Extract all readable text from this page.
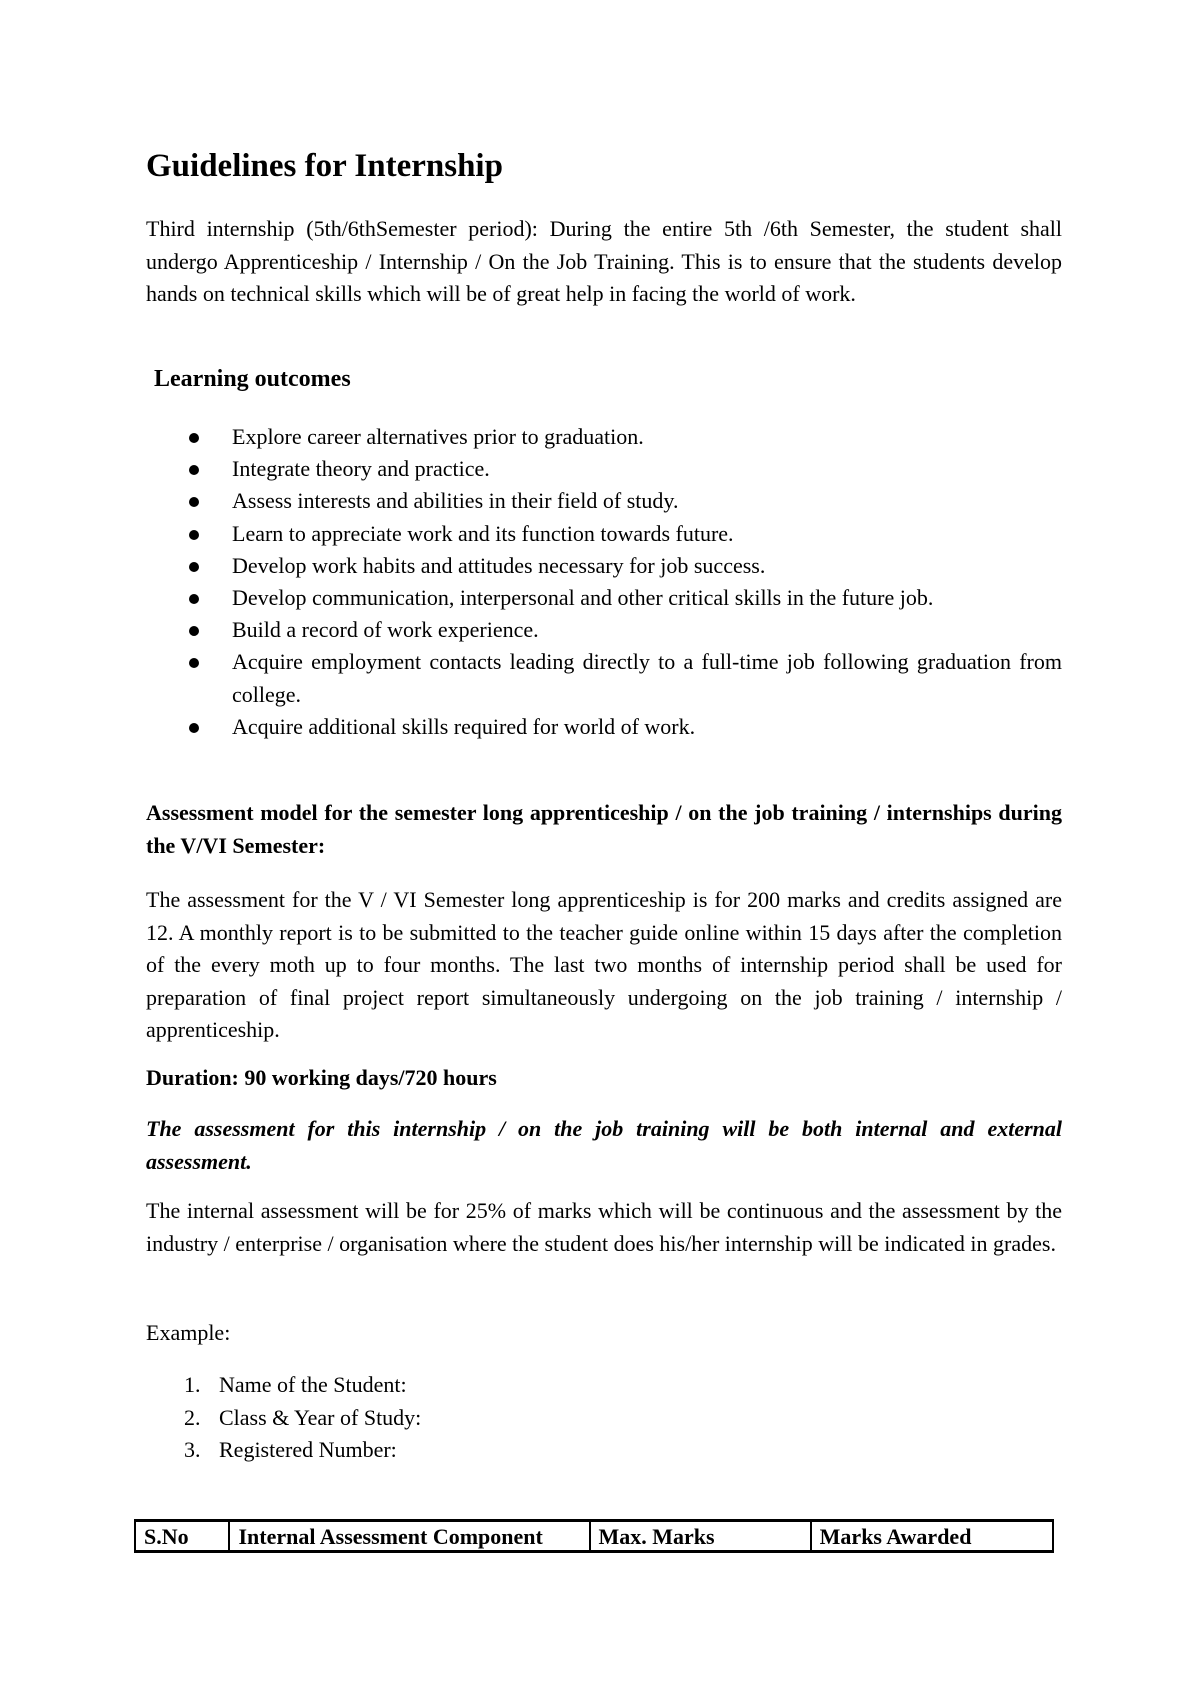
Guidelines for Internship

Third internship (5th/6thSemester period): During the entire 5th /6th Semester, the student shall undergo Apprenticeship / Internship / On the Job Training. This is to ensure that the students develop hands on technical skills which will be of great help in facing the world of work.

Learning outcomes
Explore career alternatives prior to graduation.
Integrate theory and practice.
Assess interests and abilities in their field of study.
Learn to appreciate work and its function towards future.
Develop work habits and attitudes necessary for job success.
Develop communication, interpersonal and other critical skills in the future job.
Build a record of work experience.
Acquire employment contacts leading directly to a full-time job following graduation from college.
Acquire additional skills required for world of work.

Assessment model for the semester long apprenticeship / on the job training / internships during the V/VI Semester:

The assessment for the V / VI Semester long apprenticeship is for 200 marks and credits assigned are 12. A monthly report is to be submitted to the teacher guide online within 15 days after the completion of the every moth up to four months. The last two months of internship period shall be used for preparation of final project report simultaneously undergoing on the job training / internship / apprenticeship.

Duration: 90 working days/720 hours

The assessment for this internship / on the job training will be both internal and external assessment.

The internal assessment will be for 25% of marks which will be continuous and the assessment by the industry / enterprise / organisation where the student does his/her internship will be indicated in grades.

Example:

1. Name of the Student:
2. Class & Year of Study:
3. Registered Number:
S.No	Internal Assessment Component	Max. Marks	Marks Awarded
